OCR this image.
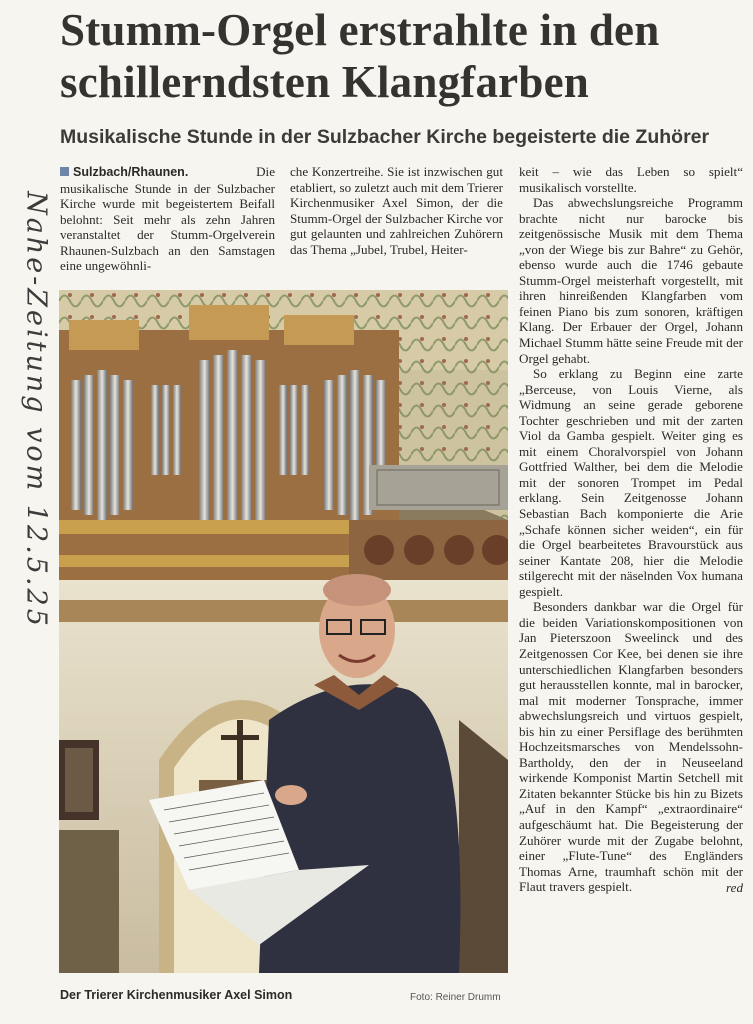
Nahe-Zeitung vom 12.5.25
Stumm-Orgel erstrahlte in den
schillerndsten Klangfarben
Musikalische Stunde in der Sulzbacher Kirche begeisterte die Zuhörer

Sulzbach/Rhaunen.	Die musikalische Stunde in der Sulzbacher Kirche wurde mit begeistertem Beifall belohnt: Seit mehr als zehn Jahren veranstaltet der Stumm-Orgelverein Rhaunen-Sulzbach an den Samstagen eine ungewöhnli-

che Konzertreihe. Sie ist inzwischen gut etabliert, so zuletzt auch mit dem Trierer Kirchenmusiker Axel Simon, der die Stumm-Orgel der Sulzbacher Kirche vor gut gelaunten und zahlreichen Zuhörern das Thema „Jubel, Trubel, Heiter-

keit – wie das Leben so spielt“ musikalisch vorstellte.

Das abwechslungsreiche Programm brachte nicht nur barocke bis zeitgenössische Musik mit dem Thema „von der Wiege bis zur Bahre“ zu Gehör, ebenso wurde auch die 1746 gebaute Stumm-Orgel meisterhaft vorgestellt, mit ihren hinreißenden Klangfarben vom feinen Piano bis zum sonoren, kräftigen Klang. Der Erbauer der Orgel, Johann Michael Stumm hätte seine Freude mit der Orgel gehabt.

So erklang zu Beginn eine zarte „Berceuse, von Louis Vierne, als Widmung an seine gerade geborene Tochter geschrieben und mit der zarten Viol da Gamba gespielt. Weiter ging es mit einem Choralvorspiel von Johann Gottfried Walther, bei dem die Melodie mit der sonoren Trompet im Pedal erklang. Sein Zeitgenosse Johann Sebastian Bach komponierte die Arie „Schafe können sicher weiden“, ein für die Orgel bearbeitetes Bravourstück aus seiner Kantate 208, hier die Melodie stilgerecht mit der näselnden Vox humana gespielt.

Besonders dankbar war die Orgel für die beiden Variationskompositionen von Jan Pieterszoon Sweelinck und des Zeitgenossen Cor Kee, bei denen sie ihre unterschiedlichen Klangfarben besonders gut herausstellen konnte, mal in barocker, mal mit moderner Tonsprache, immer abwechslungsreich und virtuos gespielt, bis hin zu einer Persiflage des berühmten Hochzeitsmarsches von Mendelssohn-Bartholdy, den der in Neuseeland wirkende Komponist Martin Setchell mit Zitaten bekannter Stücke bis hin zu Bizets „Auf in den Kampf“ „extraordinaire“ aufgeschäumt hat. Die Begeisterung der Zuhörer wurde mit der Zugabe belohnt, einer „Flute-Tune“ des Engländers Thomas Arne, traumhaft schön mit der Flaut travers gespielt.	red
Der Trierer Kirchenmusiker Axel Simon	Foto: Reiner Drumm
